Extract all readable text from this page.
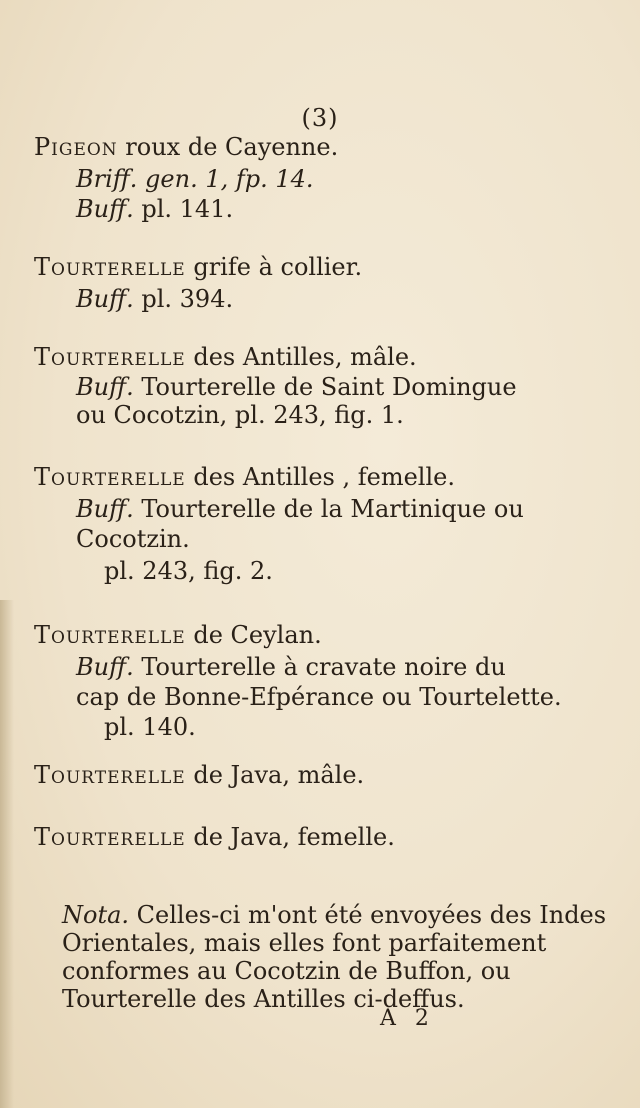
(3)
Pigeon roux de Cayenne.
Briff. gen. 1, fp. 14.
Buff. pl. 141.
Tourterelle grife à collier.
Buff. pl. 394.
Tourterelle des Antilles, mâle.
Buff. Tourterelle de Saint Domingue
ou Cocotzin, pl. 243, fig. 1.
Tourterelle des Antilles , femelle.
Buff. Tourterelle de la Martinique ou
Cocotzin.
pl. 243, fig. 2.
Tourterelle de Ceylan.
Buff. Tourterelle à cravate noire du
cap de Bonne-Efpérance ou Tourtelette.
pl. 140.
Tourterelle de Java, mâle.
Tourterelle de Java, femelle.
Nota. Celles-ci m'ont été envoyées des Indes
Orientales, mais elles font parfaitement
conformes au Cocotzin de Buffon, ou
Tourterelle des Antilles ci-deffus.
A 2
